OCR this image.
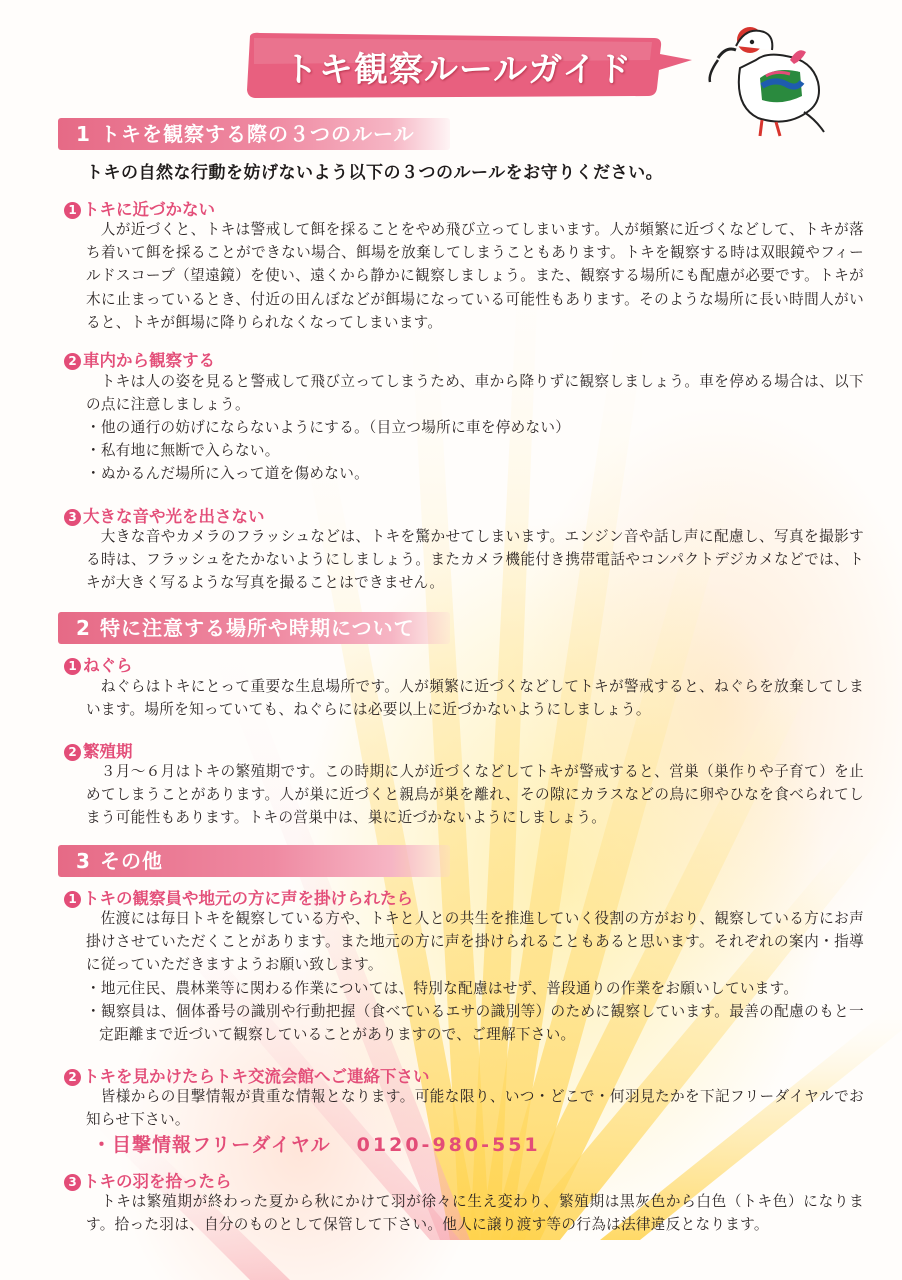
トキ観察ルールガイド
1 トキを観察する際の３つのルール
トキの自然な行動を妨げないよう以下の３つのルールをお守りください。
1 トキに近づかない
人が近づくと、トキは警戒して餌を採ることをやめ飛び立ってしまいます。人が頻繁に近づくなどして、トキが落ち着いて餌を採ることができない場合、餌場を放棄してしまうこともあります。トキを観察する時は双眼鏡やフィールドスコープ（望遠鏡）を使い、遠くから静かに観察しましょう。また、観察する場所にも配慮が必要です。トキが木に止まっているとき、付近の田んぼなどが餌場になっている可能性もあります。そのような場所に長い時間人がいると、トキが餌場に降りられなくなってしまいます。
2 車内から観察する
トキは人の姿を見ると警戒して飛び立ってしまうため、車から降りずに観察しましょう。車を停める場合は、以下の点に注意しましょう。
・他の通行の妨げにならないようにする。（目立つ場所に車を停めない）
・私有地に無断で入らない。
・ぬかるんだ場所に入って道を傷めない。
3 大きな音や光を出さない
大きな音やカメラのフラッシュなどは、トキを驚かせてしまいます。エンジン音や話し声に配慮し、写真を撮影する時は、フラッシュをたかないようにしましょう。またカメラ機能付き携帯電話やコンパクトデジカメなどでは、トキが大きく写るような写真を撮ることはできません。
2 特に注意する場所や時期について
1 ねぐら
ねぐらはトキにとって重要な生息場所です。人が頻繁に近づくなどしてトキが警戒すると、ねぐらを放棄してしまいます。場所を知っていても、ねぐらには必要以上に近づかないようにしましょう。
2 繁殖期
３月〜６月はトキの繁殖期です。この時期に人が近づくなどしてトキが警戒すると、営巣（巣作りや子育て）を止めてしまうことがあります。人が巣に近づくと親鳥が巣を離れ、その隙にカラスなどの鳥に卵やひなを食べられてしまう可能性もあります。トキの営巣中は、巣に近づかないようにしましょう。
3 その他
1 トキの観察員や地元の方に声を掛けられたら
佐渡には毎日トキを観察している方や、トキと人との共生を推進していく役割の方がおり、観察している方にお声掛けさせていただくことがあります。また地元の方に声を掛けられることもあると思います。それぞれの案内・指導に従っていただきますようお願い致します。
・地元住民、農林業等に関わる作業については、特別な配慮はせず、普段通りの作業をお願いしています。
・観察員は、個体番号の識別や行動把握（食べているエサの識別等）のために観察しています。最善の配慮のもと一定距離まで近づいて観察していることがありますので、ご理解下さい。
2 トキを見かけたらトキ交流会館へご連絡下さい
皆様からの目撃情報が貴重な情報となります。可能な限り、いつ・どこで・何羽見たかを下記フリーダイヤルでお知らせ下さい。
・目撃情報フリーダイヤル 0120-980-551
3 トキの羽を拾ったら
トキは繁殖期が終わった夏から秋にかけて羽が徐々に生え変わり、繁殖期は黒灰色から白色（トキ色）になります。拾った羽は、自分のものとして保管して下さい。他人に譲り渡す等の行為は法律違反となります。
